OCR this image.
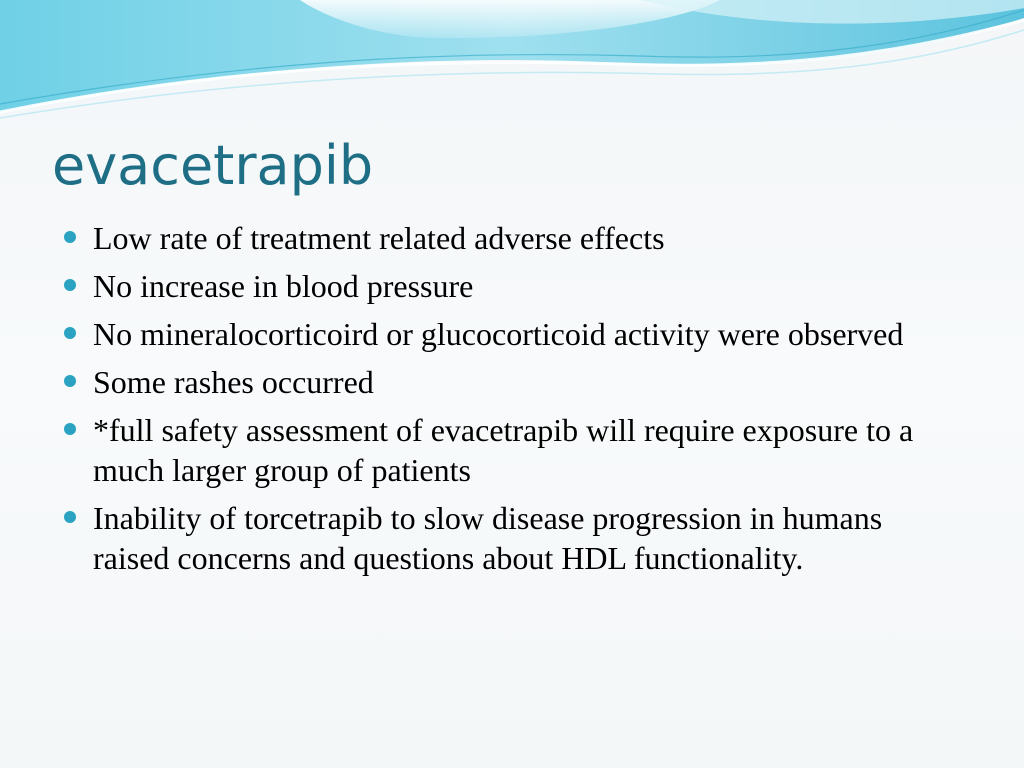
evacetrapib
Low rate of treatment related adverse effects
No increase in blood pressure
No mineralocorticoird or glucocorticoid activity were observed
Some rashes occurred
*full safety assessment of evacetrapib will require exposure to a much larger group of patients
Inability of torcetrapib to slow disease progression in humans raised concerns and questions about HDL functionality.
